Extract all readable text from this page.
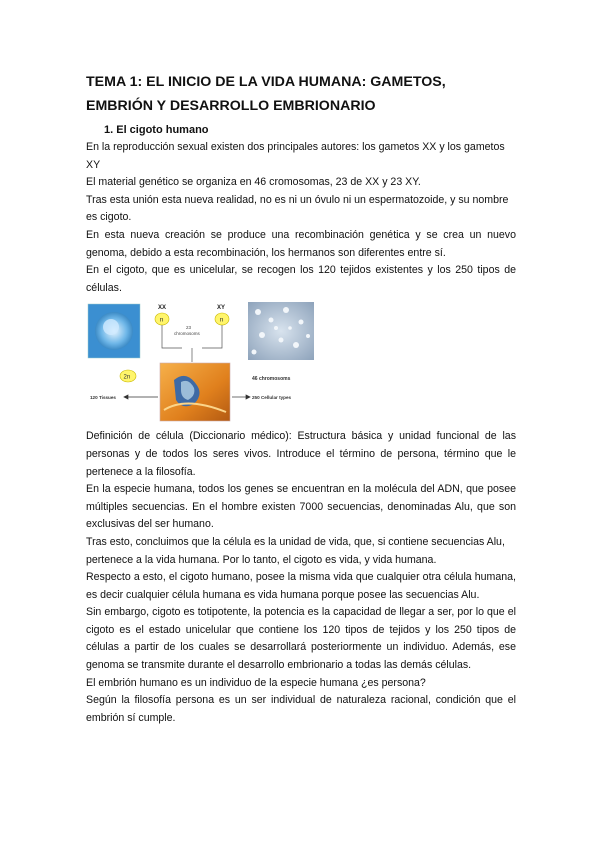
TEMA 1: EL INICIO DE LA VIDA HUMANA: GAMETOS, EMBRIÓN Y DESARROLLO EMBRIONARIO
1. El cigoto humano

En la reproducción sexual existen dos principales autores: los gametos XX y los gametos XY

El material genético se organiza en 46 cromosomas, 23 de XX y 23 XY.

Tras esta unión esta nueva realidad, no es ni un óvulo ni un espermatozoide, y su nombre es cigoto.

En esta nueva creación se produce una recombinación genética y se crea un nuevo genoma, debido a esta recombinación, los hermanos son diferentes entre sí.

En el cigoto, que es unicelular, se recogen los 120 tejidos existentes y los 250 tipos de células.

XX	XY
n	n
23
chromosoms
46 chromosoms
2n
120 Tissues	250 Cellular types

Definición de célula (Diccionario médico): Estructura básica y unidad funcional de las personas y de todos los seres vivos. Introduce el término de persona, término que le pertenece a la filosofía.

En la especie humana, todos los genes se encuentran en la molécula del ADN, que posee múltiples secuencias. En el hombre existen 7000 secuencias, denominadas Alu, que son exclusivas del ser humano.

Tras esto, concluimos que la célula es la unidad de vida, que, si contiene secuencias Alu, pertenece a la vida humana. Por lo tanto, el cigoto es vida, y vida humana.

Respecto a esto, el cigoto humano, posee la misma vida que cualquier otra célula humana, es decir cualquier célula humana es vida humana porque posee las secuencias Alu.

Sin embargo, cigoto es totipotente, la potencia es la capacidad de llegar a ser, por lo que el cigoto es el estado unicelular que contiene los 120 tipos de tejidos y los 250 tipos de células a partir de los cuales se desarrollará posteriormente un individuo. Además, ese genoma se transmite durante el desarrollo embrionario a todas las demás células.

El embrión humano es un individuo de la especie humana ¿es persona?

Según la filosofía persona es un ser individual de naturaleza racional, condición que el embrión sí cumple.
